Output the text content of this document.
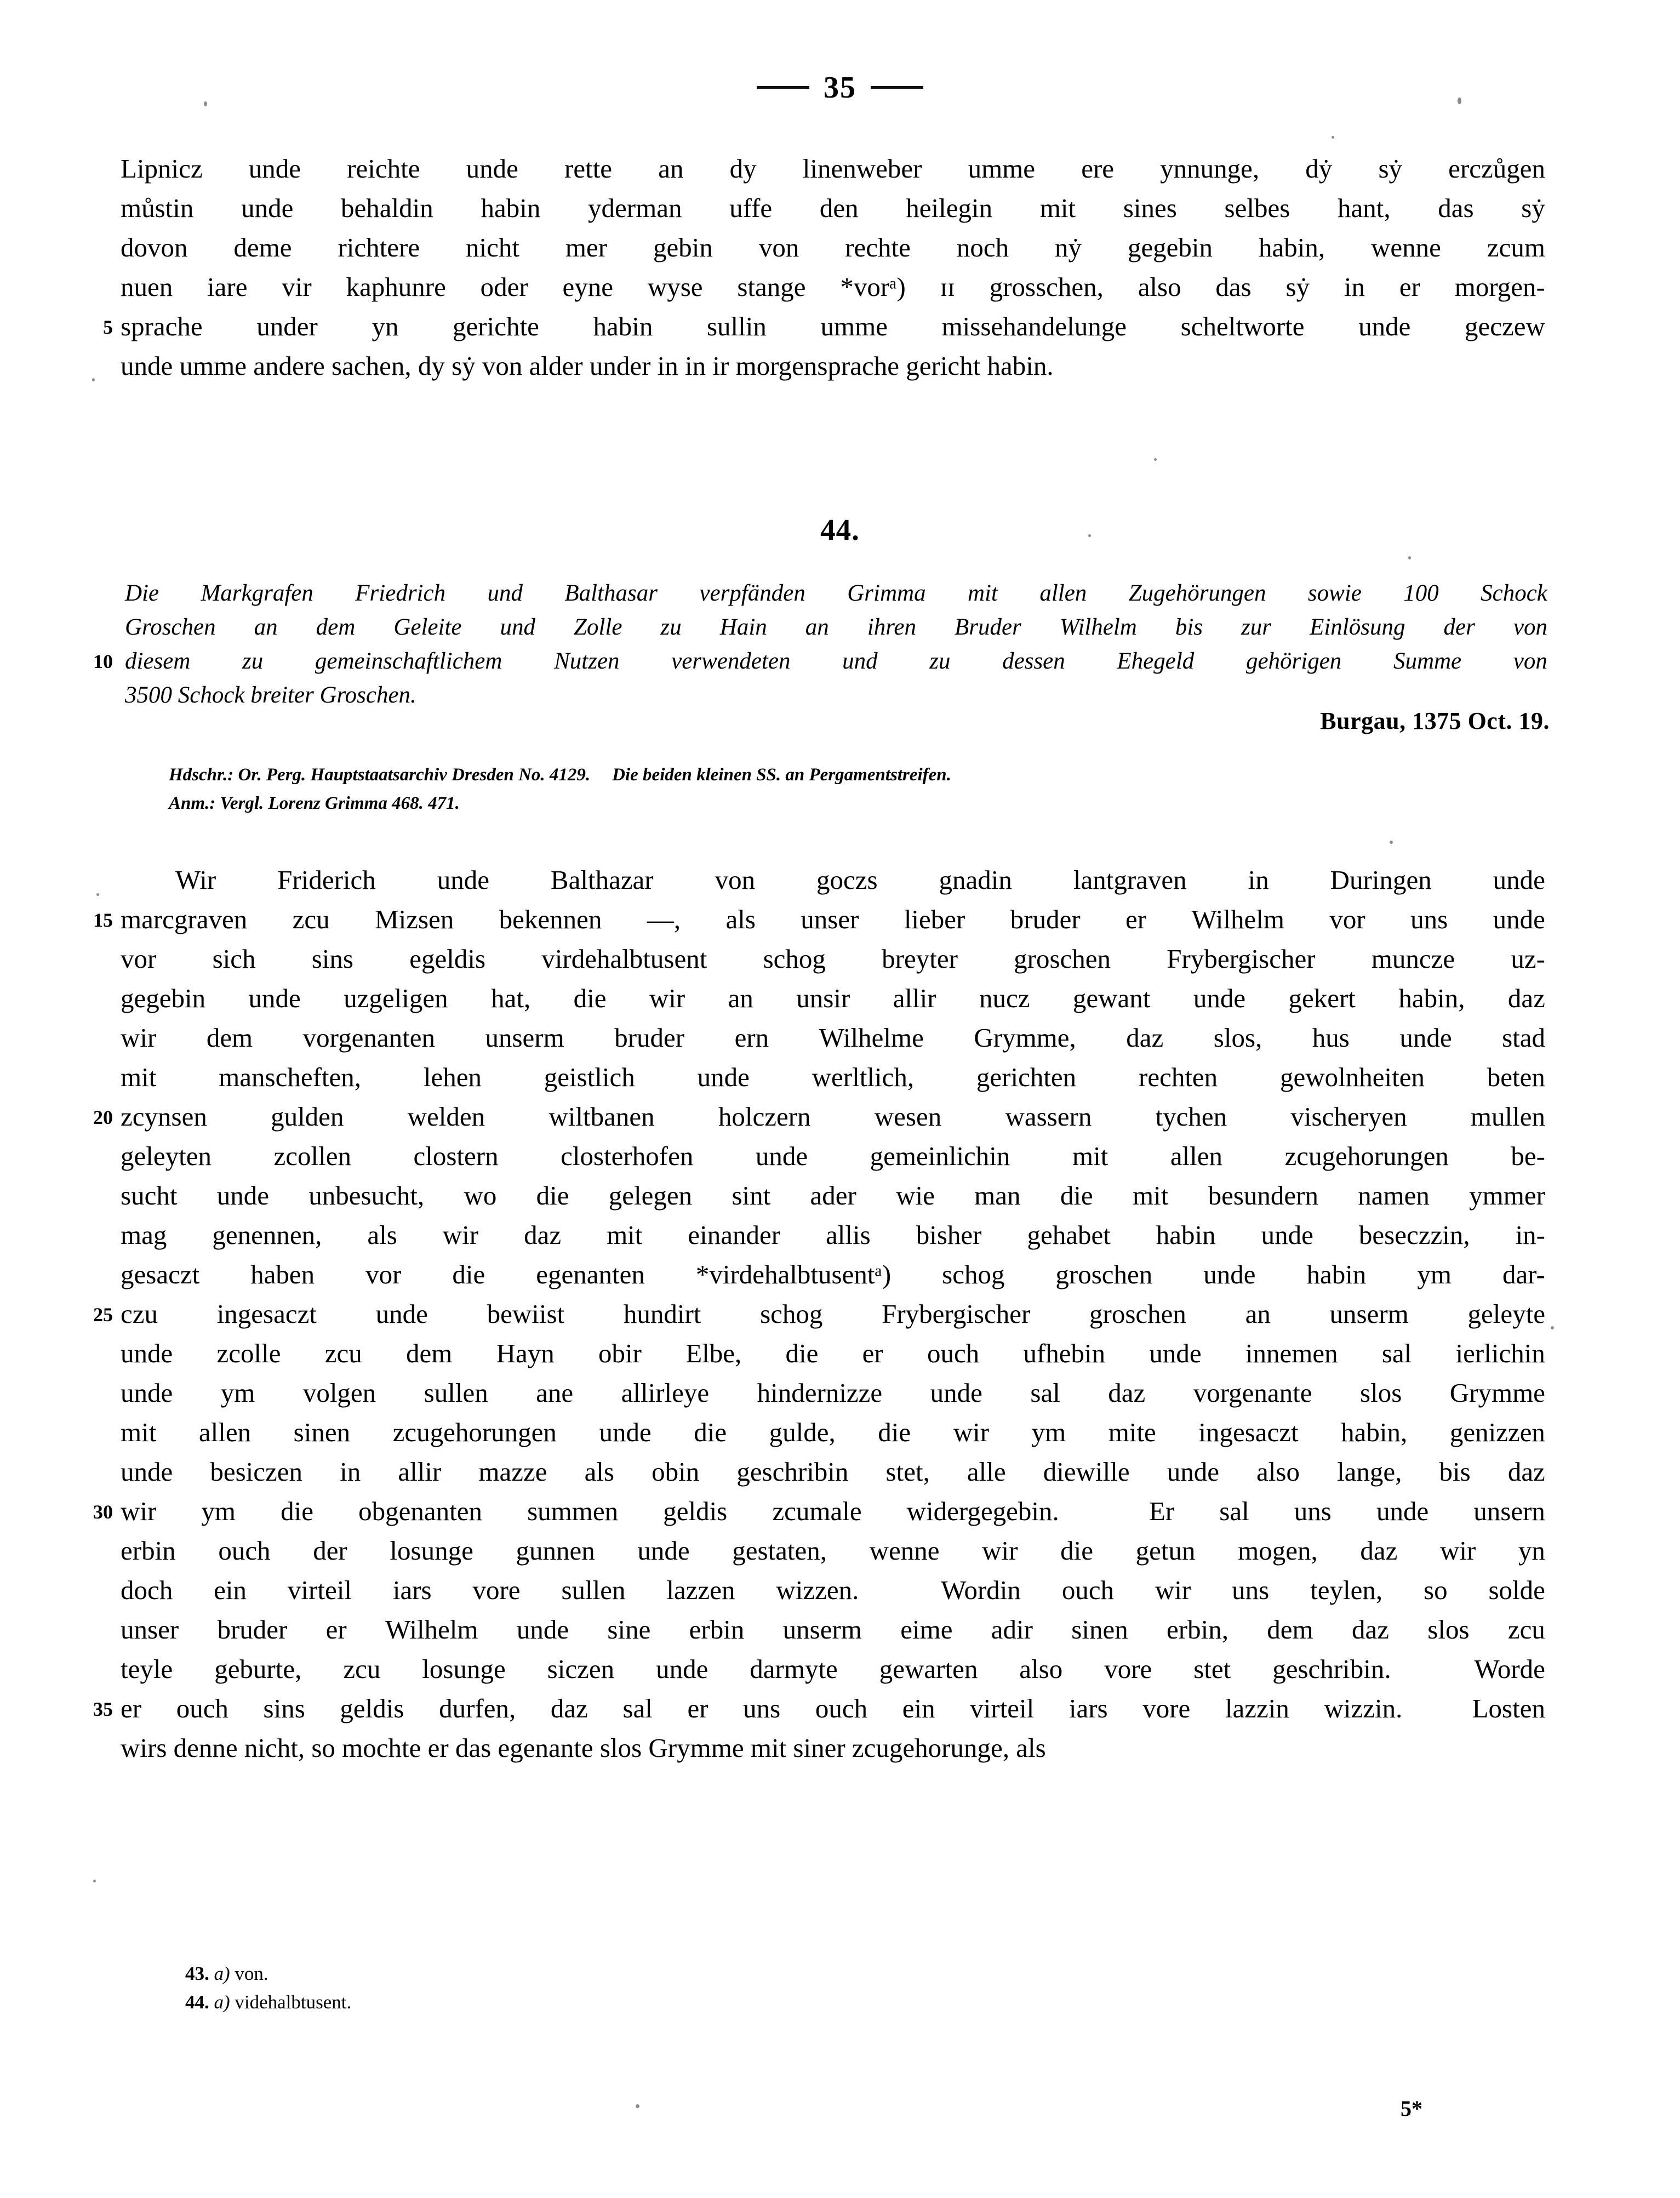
35
Lipnicz unde reichte unde rette an dy linenweber umme ere ynnunge, dẏ sẏ erczůgen
můstin unde behaldin habin yderman uffe den heilegin mit sines selbes hant, das sẏ
dovon deme richtere nicht mer gebin von rechte noch nẏ gegebin habin, wenne zcum
nuen iare vir kaphunre oder eyne wyse stange *vorᵃ) ɪɪ grosschen, also das sẏ in er morgen-
5 sprache under yn gerichte habin sullin umme missehandelunge scheltworte unde geczew
unde umme andere sachen, dy sẏ von alder under in in ir morgensprache gericht habin.
44.
Die Markgrafen Friedrich und Balthasar verpfänden Grimma mit allen Zugehörungen sowie 100 Schock
Groschen an dem Geleite und Zolle zu Hain an ihren Bruder Wilhelm bis zur Einlösung der von
10 diesem zu gemeinschaftlichem Nutzen verwendeten und zu dessen Ehegeld gehörigen Summe von
3500 Schock breiter Groschen.
Burgau, 1375 Oct. 19.
Hdschr.: Or. Perg. Hauptstaatsarchiv Dresden No. 4129. Die beiden kleinen SS. an Pergamentstreifen.
Anm.: Vergl. Lorenz Grimma 468. 471.
Wir Friderich unde Balthazar von goczs gnadin lantgraven in Duringen unde
15 marcgraven zcu Mizsen bekennen —, als unser lieber bruder er Wilhelm vor uns unde
vor sich sins egeldis virdehalbtusent schog breyter groschen Frybergischer muncze uz-
gegebin unde uzgeligen hat, die wir an unsir allir nucz gewant unde gekert habin, daz
wir dem vorgenanten unserm bruder ern Wilhelme Grymme, daz slos, hus unde stad
mit manscheften, lehen geistlich unde werltlich, gerichten rechten gewolnheiten beten
20 zcynsen gulden welden wiltbanen holczern wesen wassern tychen vischeryen mullen
geleyten zcollen clostern closterhofen unde gemeinlichin mit allen zcugehorungen be-
sucht unde unbesucht, wo die gelegen sint ader wie man die mit besundern namen ymmer
mag genennen, als wir daz mit einander allis bisher gehabet habin unde beseczzin, in-
gesaczt haben vor die egenanten *virdehalbtusentᵃ) schog groschen unde habin ym dar-
25 czu ingesaczt unde bewiist hundirt schog Frybergischer groschen an unserm geleyte
unde zcolle zcu dem Hayn obir Elbe, die er ouch ufhebin unde innemen sal ierlichin
unde ym volgen sullen ane allirleye hindernizze unde sal daz vorgenante slos Grymme
mit allen sinen zcugehorungen unde die gulde, die wir ym mite ingesaczt habin, genizzen
unde besiczen in allir mazze als obin geschribin stet, alle diewille unde also lange, bis daz
30 wir ym die obgenanten summen geldis zcumale widergegebin.	Er sal uns unde unsern
erbin ouch der losunge gunnen unde gestaten, wenne wir die getun mogen, daz wir yn
doch ein virteil iars vore sullen lazzen wizzen.	Wordin ouch wir uns teylen, so solde
unser bruder er Wilhelm unde sine erbin unserm eime adir sinen erbin, dem daz slos zcu
teyle geburte, zcu losunge siczen unde darmyte gewarten also vore stet geschribin.	Worde
35 er ouch sins geldis durfen, daz sal er uns ouch ein virteil iars vore lazzin wizzin.	Losten
wirs denne nicht, so mochte er das egenante slos Grymme mit siner zcugehorunge, als
43. a) von.
44. a) videhalbtusent.
5*
